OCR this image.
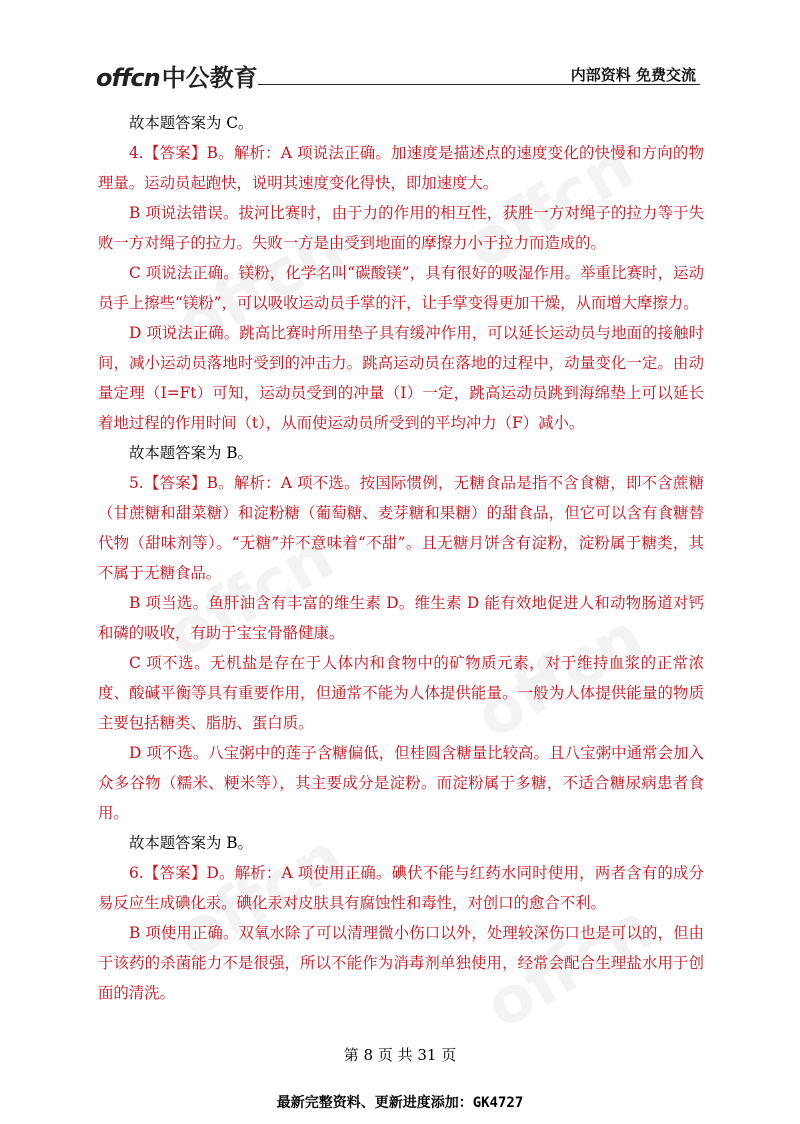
offcn中公教育	内部资料 免费交流

故本题答案为 C。

4.【答案】B。解析：A 项说法正确。加速度是描述点的速度变化的快慢和方向的物理量。运动员起跑快，说明其速度变化得快，即加速度大。

B 项说法错误。拔河比赛时，由于力的作用的相互性，获胜一方对绳子的拉力等于失败一方对绳子的拉力。失败一方是由受到地面的摩擦力小于拉力而造成的。

C 项说法正确。镁粉，化学名叫“碳酸镁”，具有很好的吸湿作用。举重比赛时，运动员手上擦些“镁粉”，可以吸收运动员手掌的汗，让手掌变得更加干燥，从而增大摩擦力。

D 项说法正确。跳高比赛时所用垫子具有缓冲作用，可以延长运动员与地面的接触时间，减小运动员落地时受到的冲击力。跳高运动员在落地的过程中，动量变化一定。由动量定理（I=Ft）可知，运动员受到的冲量（I）一定，跳高运动员跳到海绵垫上可以延长着地过程的作用时间（t），从而使运动员所受到的平均冲力（F）减小。

故本题答案为 B。

5.【答案】B。解析：A 项不选。按国际惯例，无糖食品是指不含食糖，即不含蔗糖（甘蔗糖和甜菜糖）和淀粉糖（葡萄糖、麦芽糖和果糖）的甜食品，但它可以含有食糖替代物（甜味剂等）。“无糖”并不意味着“不甜”。且无糖月饼含有淀粉，淀粉属于糖类，其不属于无糖食品。

B 项当选。鱼肝油含有丰富的维生素 D。维生素 D 能有效地促进人和动物肠道对钙和磷的吸收，有助于宝宝骨骼健康。

C 项不选。无机盐是存在于人体内和食物中的矿物质元素，对于维持血浆的正常浓度、酸碱平衡等具有重要作用，但通常不能为人体提供能量。一般为人体提供能量的物质主要包括糖类、脂肪、蛋白质。

D 项不选。八宝粥中的莲子含糖偏低，但桂圆含糖量比较高。且八宝粥中通常会加入众多谷物（糯米、粳米等），其主要成分是淀粉。而淀粉属于多糖，不适合糖尿病患者食用。

故本题答案为 B。

6.【答案】D。解析：A 项使用正确。碘伏不能与红药水同时使用，两者含有的成分易反应生成碘化汞。碘化汞对皮肤具有腐蚀性和毒性，对创口的愈合不利。

B 项使用正确。双氧水除了可以清理微小伤口以外，处理较深伤口也是可以的，但由于该药的杀菌能力不是很强，所以不能作为消毒剂单独使用，经常会配合生理盐水用于创面的清洗。

第 8 页 共 31 页
最新完整资料、更新进度添加：GK4727
